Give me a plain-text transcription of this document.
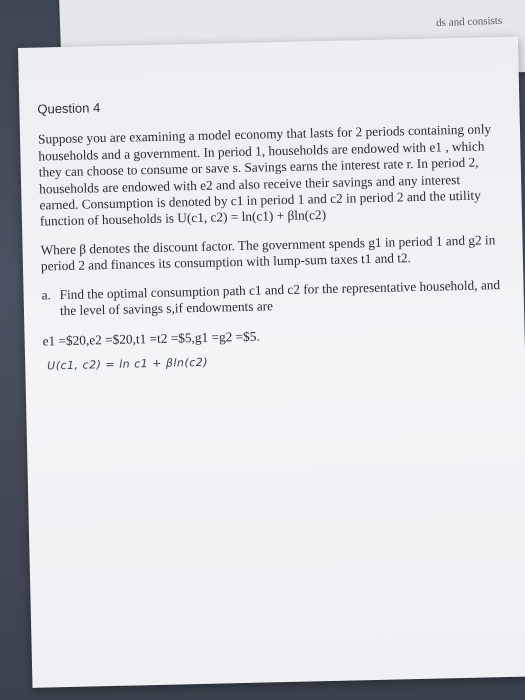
ds and consists
Question 4

Suppose you are examining a model economy that lasts for 2 periods containing only households and a government. In period 1, households are endowed with e1 , which they can choose to consume or save s. Savings earns the interest rate r. In period 2, households are endowed with e2 and also receive their savings and any interest earned. Consumption is denoted by c1 in period 1 and c2 in period 2 and the utility function of households is U(c1, c2) = ln(c1) + βln(c2)

Where β denotes the discount factor. The government spends g1 in period 1 and g2 in period 2 and finances its consumption with lump-sum taxes t1 and t2.

a. Find the optimal consumption path c1 and c2 for the representative household, and the level of savings s,if endowments are
e1 =$20,e2 =$20,t1 =t2 =$5,g1 =g2 =$5.
U(c1, c2) = ln c1 + βln(c2)
